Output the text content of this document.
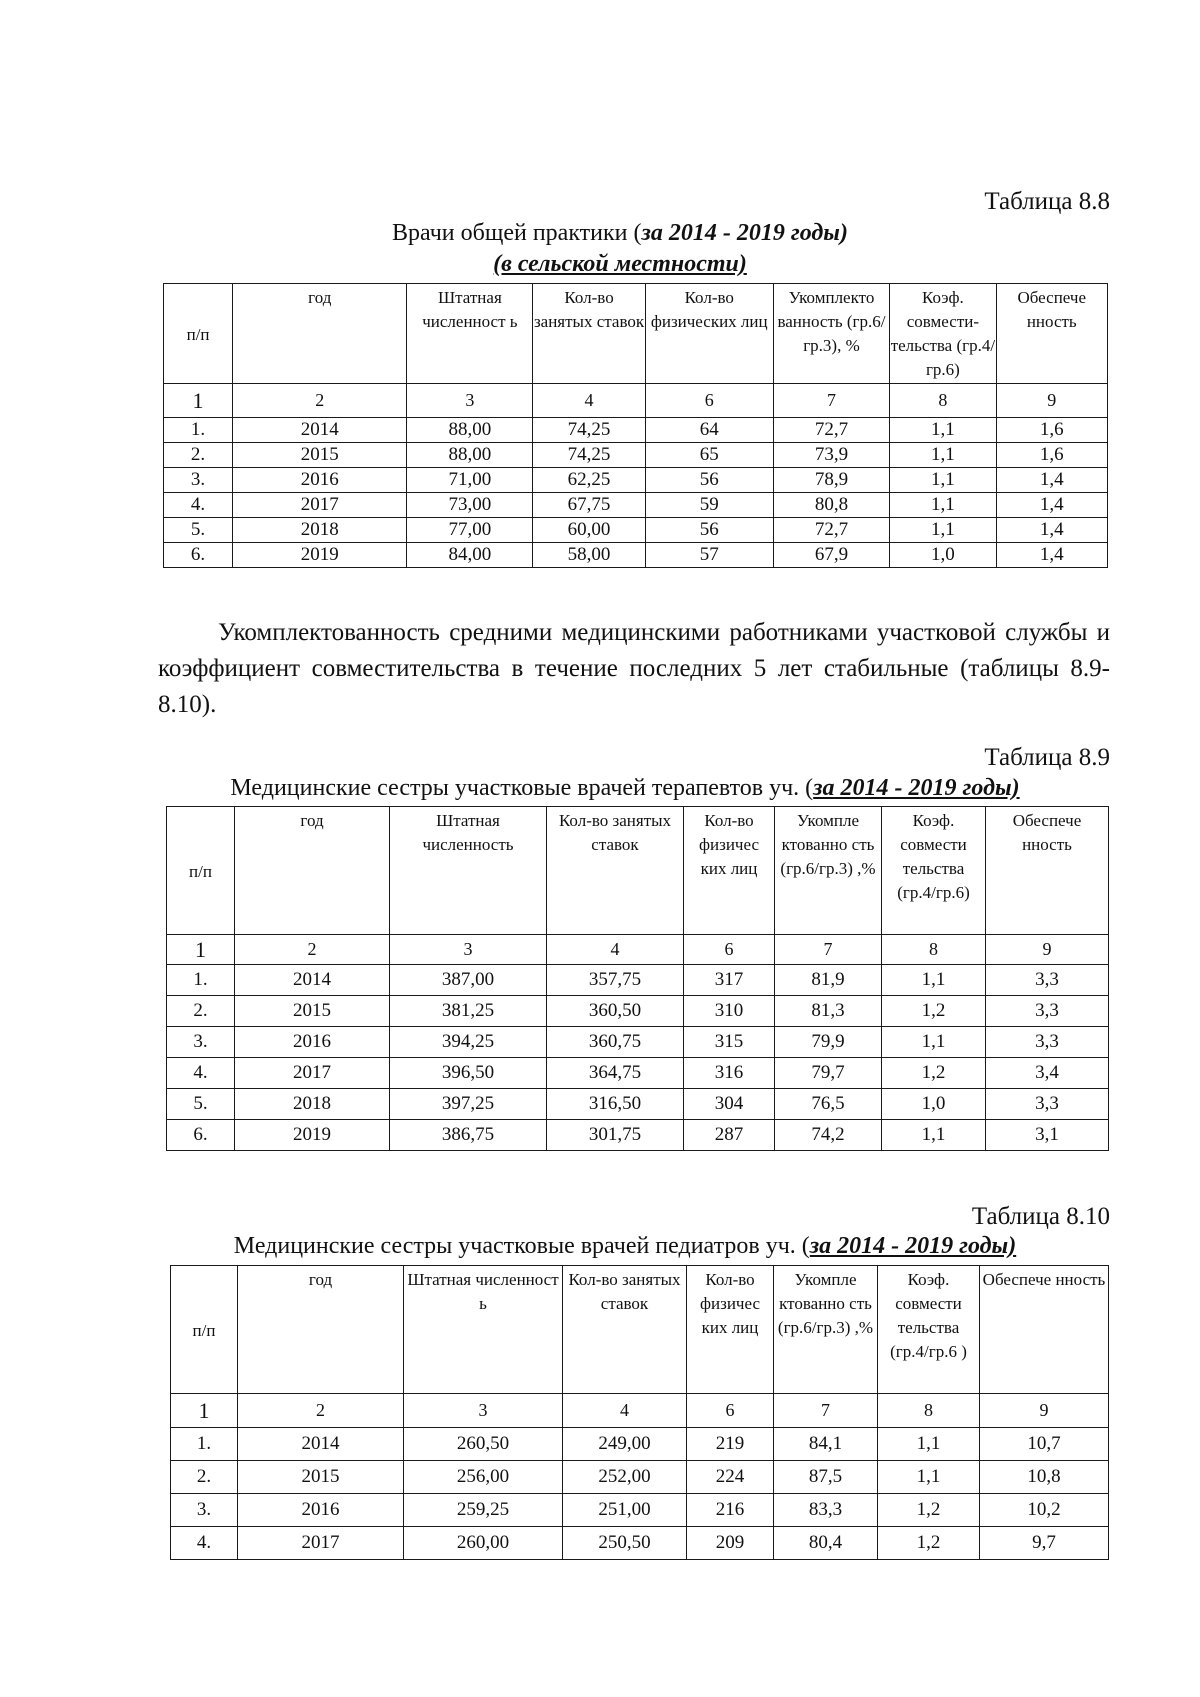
Таблица 8.8
Врачи общей практики (за 2014 - 2019 годы)
(в сельской местности)
п/п	год	Штатная численност ь	Кол-во занятых ставок	Кол-во физических лиц	Укомплекто ванность (гр.6/гр.3), %	Коэф. совмести- тельства (гр.4/гр.6)	Обеспече нность
1	2	3	4	6	7	8	9
1.	2014	88,00	74,25	64	72,7	1,1	1,6
2.	2015	88,00	74,25	65	73,9	1,1	1,6
3.	2016	71,00	62,25	56	78,9	1,1	1,4
4.	2017	73,00	67,75	59	80,8	1,1	1,4
5.	2018	77,00	60,00	56	72,7	1,1	1,4
6.	2019	84,00	58,00	57	67,9	1,0	1,4
Укомплектованность средними медицинскими работниками участковой службы и коэффициент совместительства в течение последних 5 лет стабильные (таблицы 8.9-8.10).
Таблица 8.9
Медицинские сестры участковые врачей терапевтов уч. (за 2014 - 2019 годы)
п/п	год	Штатная численность	Кол-во занятых ставок	Кол-во физичес ких лиц	Укомпле ктованно сть (гр.6/гр.3) ,%	Коэф. совмести тельства (гр.4/гр.6)	Обеспече нность
1	2	3	4	6	7	8	9
1.	2014	387,00	357,75	317	81,9	1,1	3,3
2.	2015	381,25	360,50	310	81,3	1,2	3,3
3.	2016	394,25	360,75	315	79,9	1,1	3,3
4.	2017	396,50	364,75	316	79,7	1,2	3,4
5.	2018	397,25	316,50	304	76,5	1,0	3,3
6.	2019	386,75	301,75	287	74,2	1,1	3,1
Таблица 8.10
Медицинские сестры участковые врачей педиатров уч. (за 2014 - 2019 годы)
п/п	год	Штатная численност ь	Кол-во занятых ставок	Кол-во физичес ких лиц	Укомпле ктованно сть (гр.6/гр.3) ,%	Коэф. совмести тельства (гр.4/гр.6 )	Обеспече нность
1	2	3	4	6	7	8	9
1.	2014	260,50	249,00	219	84,1	1,1	10,7
2.	2015	256,00	252,00	224	87,5	1,1	10,8
3.	2016	259,25	251,00	216	83,3	1,2	10,2
4.	2017	260,00	250,50	209	80,4	1,2	9,7
